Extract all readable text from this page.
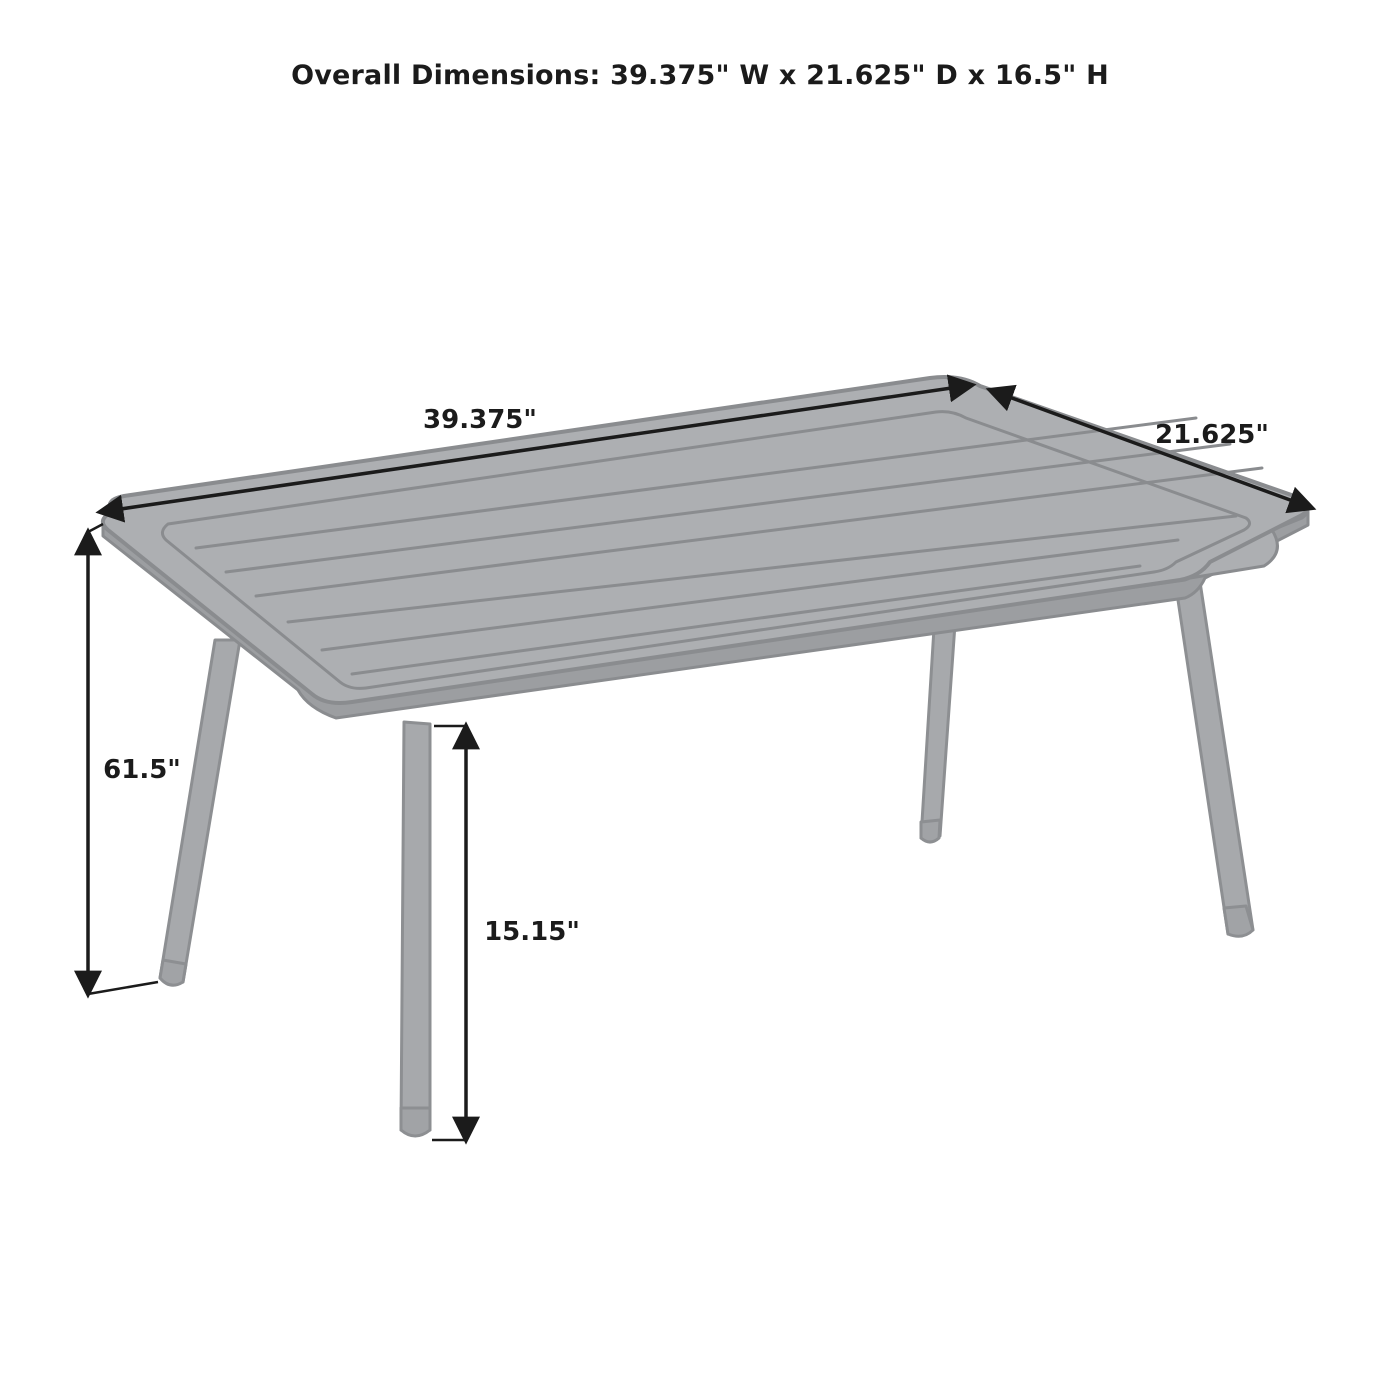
Overall Dimensions: 39.375" W x 21.625" D x 16.5" H
39.375"	21.625"
61.5"
15.15"
